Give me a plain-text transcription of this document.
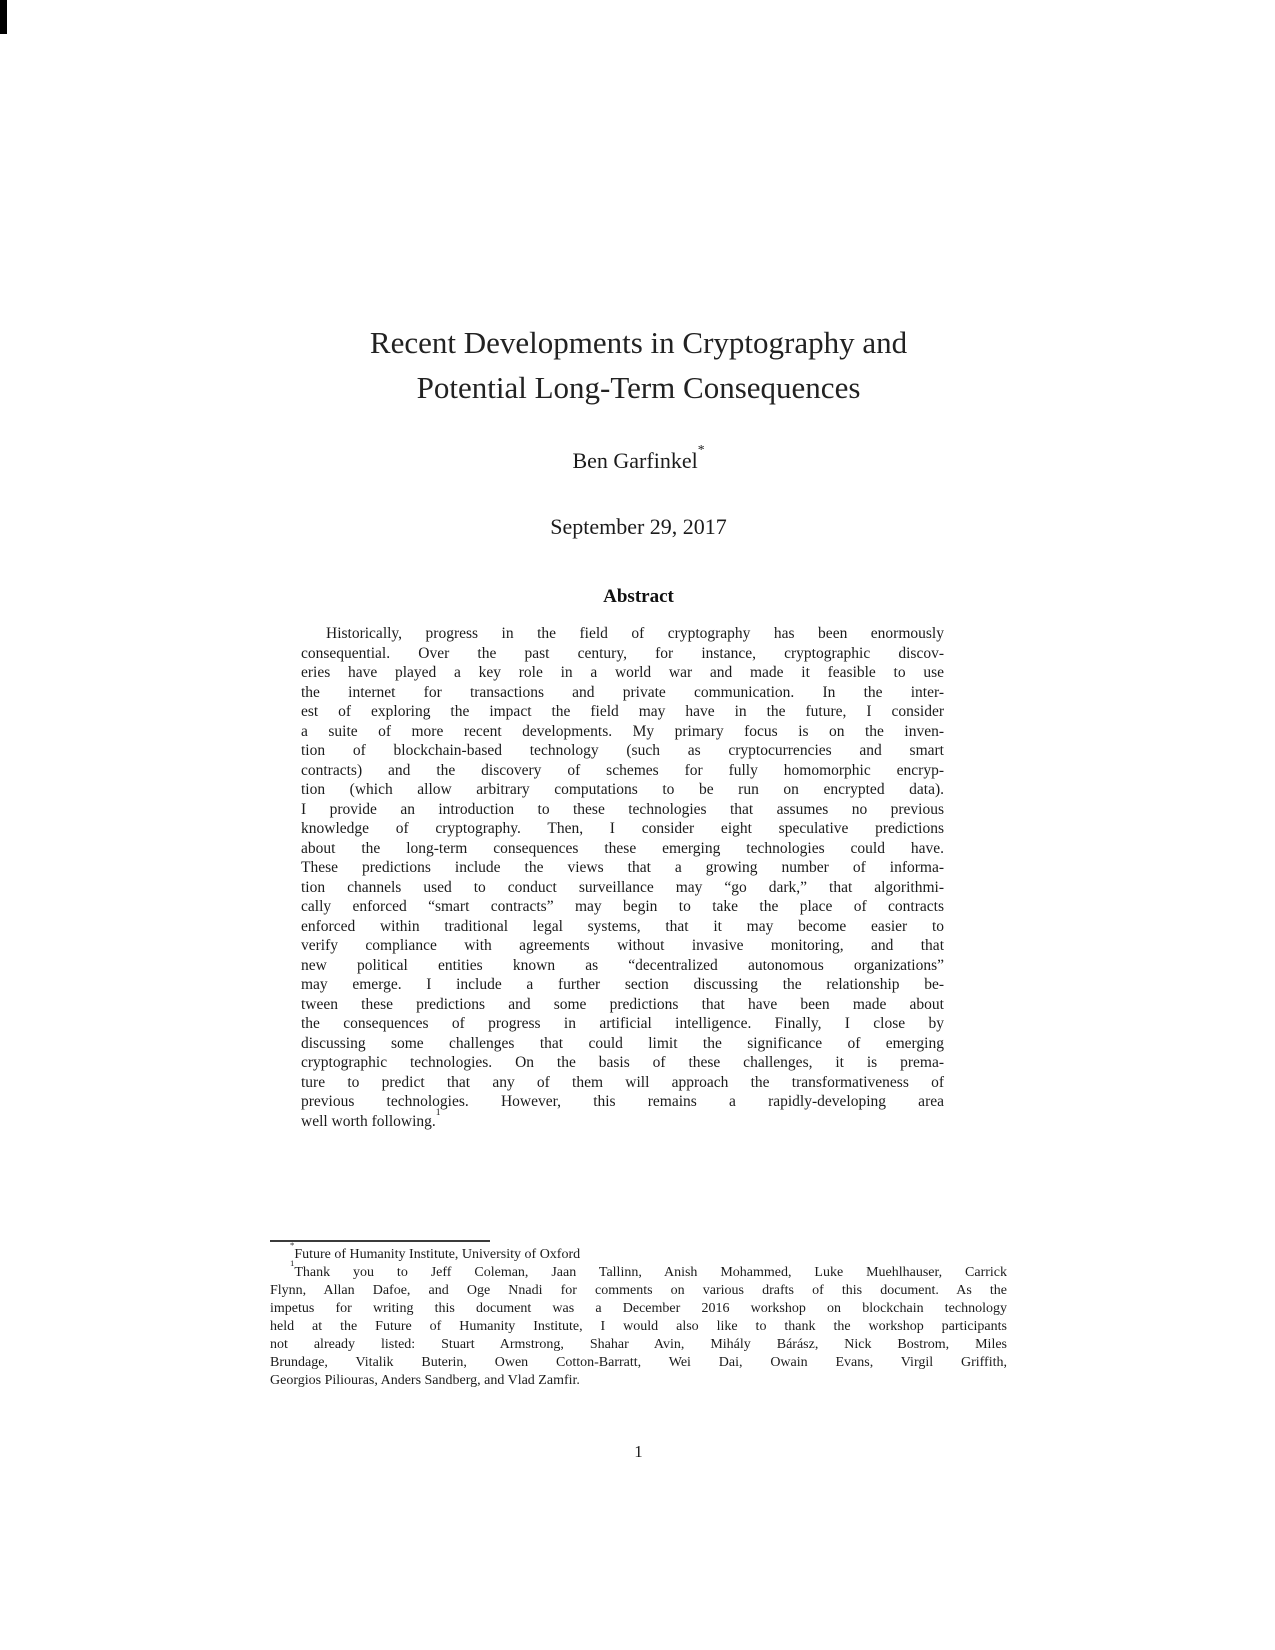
Recent Developments in Cryptography and
Potential Long-Term Consequences
Ben Garfinkel*
September 29, 2017
Abstract
Historically, progress in the field of cryptography has been enormously
consequential. Over the past century, for instance, cryptographic discov-
eries have played a key role in a world war and made it feasible to use
the internet for transactions and private communication. In the inter-
est of exploring the impact the field may have in the future, I consider
a suite of more recent developments. My primary focus is on the inven-
tion of blockchain-based technology (such as cryptocurrencies and smart
contracts) and the discovery of schemes for fully homomorphic encryp-
tion (which allow arbitrary computations to be run on encrypted data).
I provide an introduction to these technologies that assumes no previous
knowledge of cryptography. Then, I consider eight speculative predictions
about the long-term consequences these emerging technologies could have.
These predictions include the views that a growing number of informa-
tion channels used to conduct surveillance may “go dark,” that algorithmi-
cally enforced “smart contracts” may begin to take the place of contracts
enforced within traditional legal systems, that it may become easier to
verify compliance with agreements without invasive monitoring, and that
new political entities known as “decentralized autonomous organizations”
may emerge. I include a further section discussing the relationship be-
tween these predictions and some predictions that have been made about
the consequences of progress in artificial intelligence. Finally, I close by
discussing some challenges that could limit the significance of emerging
cryptographic technologies. On the basis of these challenges, it is prema-
ture to predict that any of them will approach the transformativeness of
previous technologies. However, this remains a rapidly-developing area
well worth following.$^1$
*Future of Humanity Institute, University of Oxford
$^1$Thank you to Jeff Coleman, Jaan Tallinn, Anish Mohammed, Luke Muehlhauser, Carrick
Flynn, Allan Dafoe, and Oge Nnadi for comments on various drafts of this document. As the
impetus for writing this document was a December 2016 workshop on blockchain technology
held at the Future of Humanity Institute, I would also like to thank the workshop participants
not already listed: Stuart Armstrong, Shahar Avin, Mihály Bárász, Nick Bostrom, Miles
Brundage, Vitalik Buterin, Owen Cotton-Barratt, Wei Dai, Owain Evans, Virgil Griffith,
Georgios Piliouras, Anders Sandberg, and Vlad Zamfir.
1
